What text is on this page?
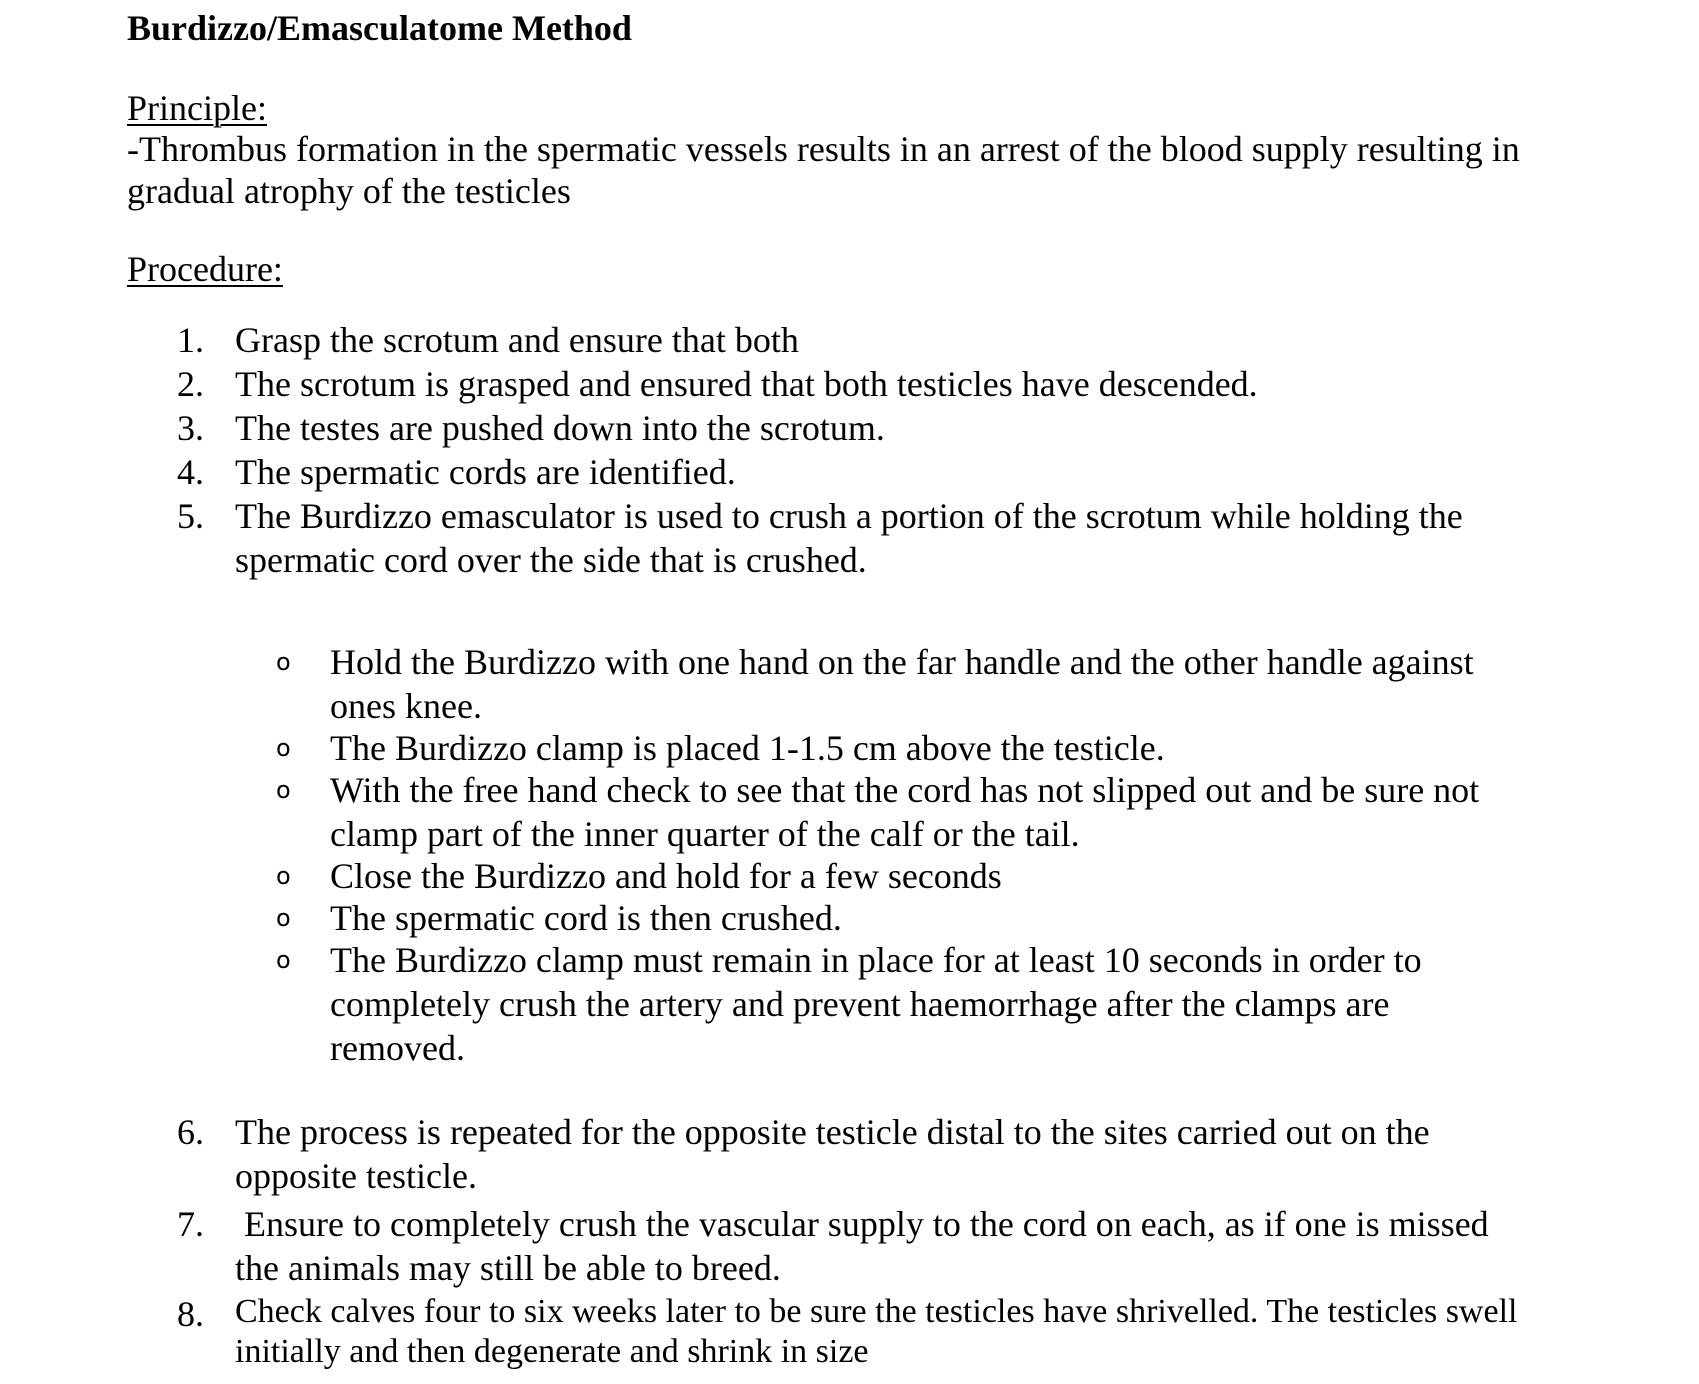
Burdizzo/Emasculatome Method
Principle:
-Thrombus formation in the spermatic vessels results in an arrest of the blood supply resulting in
gradual atrophy of the testicles
Procedure:
1. Grasp the scrotum and ensure that both
2. The scrotum is grasped and ensured that both testicles have descended.
3. The testes are pushed down into the scrotum.
4. The spermatic cords are identified.
5. The Burdizzo emasculator is used to crush a portion of the scrotum while holding the
spermatic cord over the side that is crushed.
o	Hold the Burdizzo with one hand on the far handle and the other handle against
ones knee.
o	The Burdizzo clamp is placed 1-1.5 cm above the testicle.
o	With the free hand check to see that the cord has not slipped out and be sure not
clamp part of the inner quarter of the calf or the tail.
o	Close the Burdizzo and hold for a few seconds
o	The spermatic cord is then crushed.
o	The Burdizzo clamp must remain in place for at least 10 seconds in order to
completely crush the artery and prevent haemorrhage after the clamps are
removed.
6. The process is repeated for the opposite testicle distal to the sites carried out on the
opposite testicle.
7. Ensure to completely crush the vascular supply to the cord on each, as if one is missed
the animals may still be able to breed.
8. Check calves four to six weeks later to be sure the testicles have shrivelled. The testicles swell
initially and then degenerate and shrink in size
